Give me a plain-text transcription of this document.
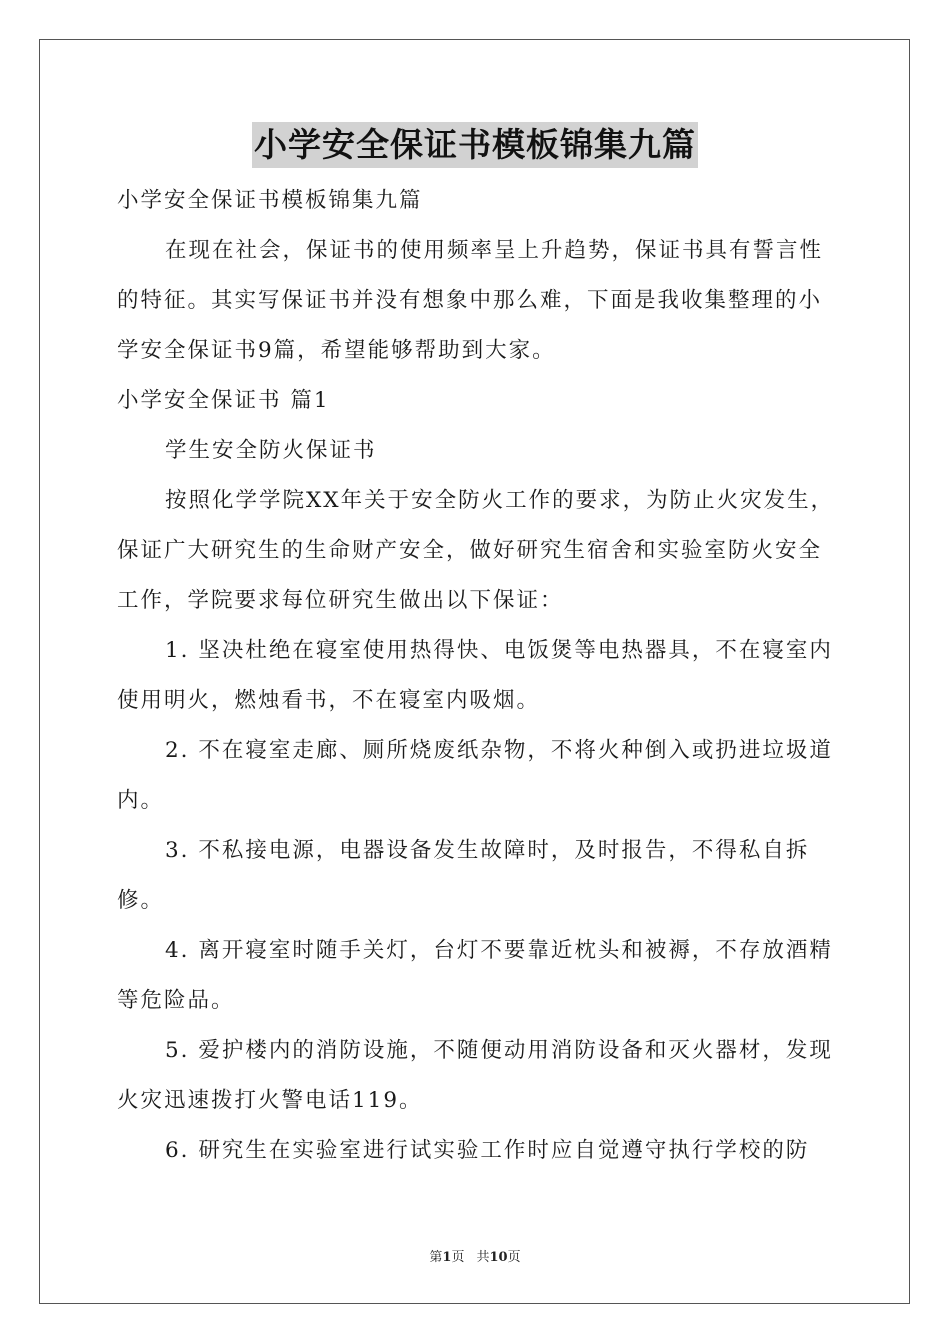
小学安全保证书模板锦集九篇

小学安全保证书模板锦集九篇

在现在社会，保证书的使用频率呈上升趋势，保证书具有誓言性的特征。其实写保证书并没有想象中那么难，下面是我收集整理的小学安全保证书9篇，希望能够帮助到大家。

小学安全保证书 篇1

学生安全防火保证书

按照化学学院XX年关于安全防火工作的要求，为防止火灾发生，保证广大研究生的生命财产安全，做好研究生宿舍和实验室防火安全工作，学院要求每位研究生做出以下保证：

1. 坚决杜绝在寝室使用热得快、电饭煲等电热器具，不在寝室内使用明火，燃烛看书，不在寝室内吸烟。

2. 不在寝室走廊、厕所烧废纸杂物，不将火种倒入或扔进垃圾道内。

3. 不私接电源，电器设备发生故障时，及时报告，不得私自拆修。

4. 离开寝室时随手关灯，台灯不要靠近枕头和被褥，不存放酒精等危险品。

5. 爱护楼内的消防设施，不随便动用消防设备和灭火器材，发现火灾迅速拨打火警电话119。

6. 研究生在实验室进行试实验工作时应自觉遵守执行学校的防

第1页 共10页
